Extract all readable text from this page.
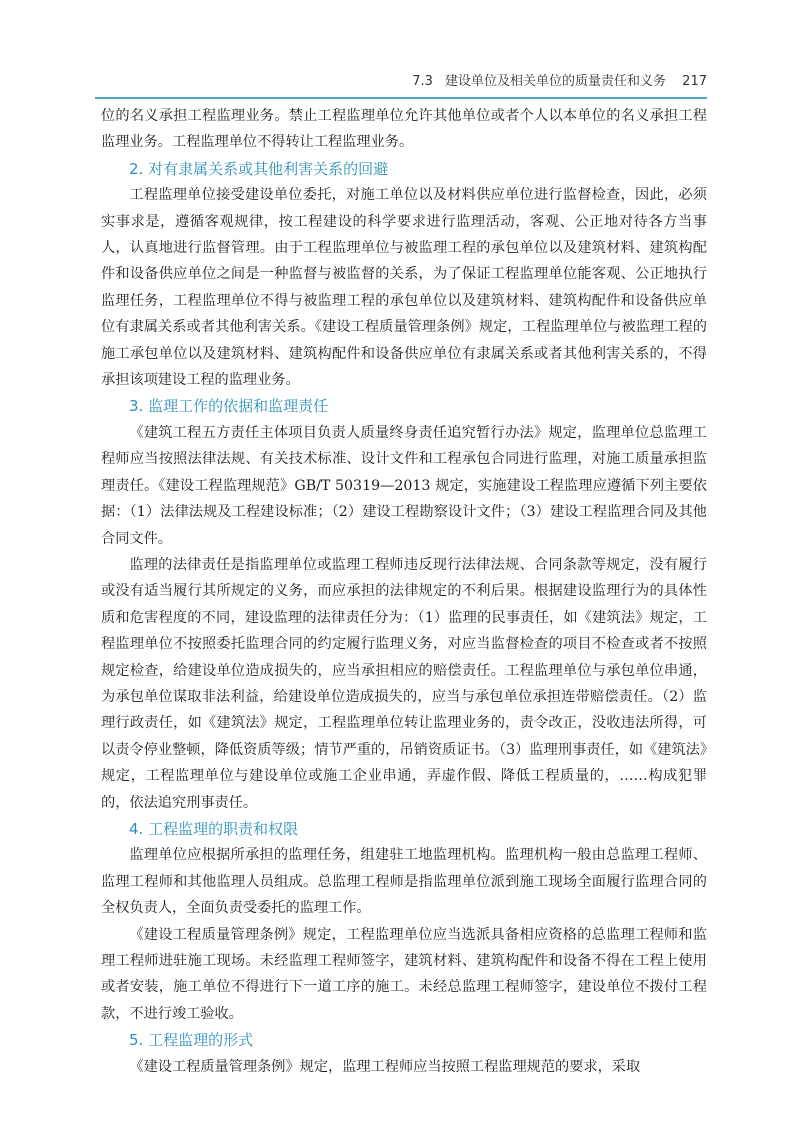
7.3 建设单位及相关单位的质量责任和义务 217

位的名义承担工程监理业务。禁止工程监理单位允许其他单位或者个人以本单位的名义承担工程监理业务。工程监理单位不得转让工程监理业务。

2. 对有隶属关系或其他利害关系的回避

工程监理单位接受建设单位委托，对施工单位以及材料供应单位进行监督检查，因此，必须实事求是，遵循客观规律，按工程建设的科学要求进行监理活动，客观、公正地对待各方当事人，认真地进行监督管理。由于工程监理单位与被监理工程的承包单位以及建筑材料、建筑构配件和设备供应单位之间是一种监督与被监督的关系，为了保证工程监理单位能客观、公正地执行监理任务，工程监理单位不得与被监理工程的承包单位以及建筑材料、建筑构配件和设备供应单位有隶属关系或者其他利害关系。《建设工程质量管理条例》规定，工程监理单位与被监理工程的施工承包单位以及建筑材料、建筑构配件和设备供应单位有隶属关系或者其他利害关系的，不得承担该项建设工程的监理业务。

3. 监理工作的依据和监理责任

《建筑工程五方责任主体项目负责人质量终身责任追究暂行办法》规定，监理单位总监理工程师应当按照法律法规、有关技术标准、设计文件和工程承包合同进行监理，对施工质量承担监理责任。《建设工程监理规范》GB/T 50319—2013 规定，实施建设工程监理应遵循下列主要依据：（1）法律法规及工程建设标准；（2）建设工程勘察设计文件；（3）建设工程监理合同及其他合同文件。

监理的法律责任是指监理单位或监理工程师违反现行法律法规、合同条款等规定，没有履行或没有适当履行其所规定的义务，而应承担的法律规定的不利后果。根据建设监理行为的具体性质和危害程度的不同，建设监理的法律责任分为：（1）监理的民事责任，如《建筑法》规定，工程监理单位不按照委托监理合同的约定履行监理义务，对应当监督检查的项目不检查或者不按照规定检查，给建设单位造成损失的，应当承担相应的赔偿责任。工程监理单位与承包单位串通，为承包单位谋取非法利益，给建设单位造成损失的，应当与承包单位承担连带赔偿责任。（2）监理行政责任，如《建筑法》规定，工程监理单位转让监理业务的，责令改正，没收违法所得，可以责令停业整顿，降低资质等级；情节严重的，吊销资质证书。（3）监理刑事责任，如《建筑法》规定，工程监理单位与建设单位或施工企业串通，弄虚作假、降低工程质量的，……构成犯罪的，依法追究刑事责任。

4. 工程监理的职责和权限

监理单位应根据所承担的监理任务，组建驻工地监理机构。监理机构一般由总监理工程师、监理工程师和其他监理人员组成。总监理工程师是指监理单位派到施工现场全面履行监理合同的全权负责人，全面负责受委托的监理工作。

《建设工程质量管理条例》规定，工程监理单位应当选派具备相应资格的总监理工程师和监理工程师进驻施工现场。未经监理工程师签字，建筑材料、建筑构配件和设备不得在工程上使用或者安装，施工单位不得进行下一道工序的施工。未经总监理工程师签字，建设单位不拨付工程款，不进行竣工验收。

5. 工程监理的形式

《建设工程质量管理条例》规定，监理工程师应当按照工程监理规范的要求，采取
